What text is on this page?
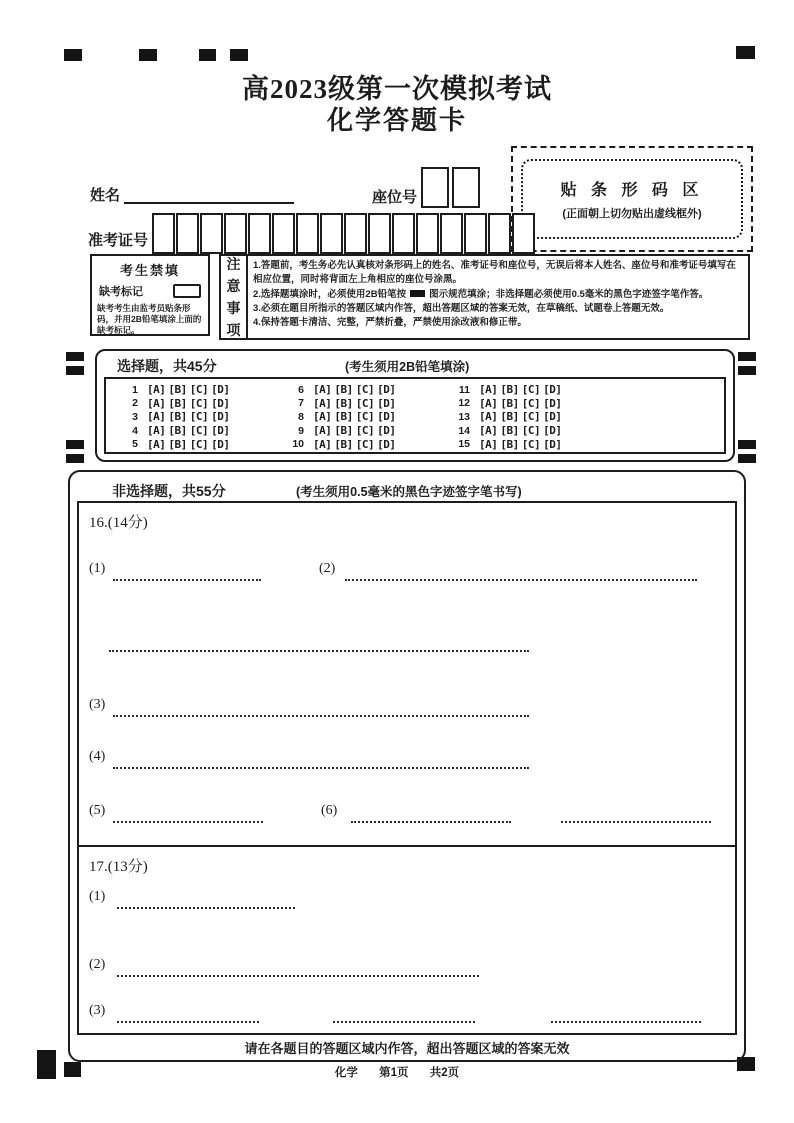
高2023级第一次模拟考试
化学答题卡
贴 条 形 码 区
(正面朝上切勿贴出虚线框外)
姓名	座位号
准考证号
考生禁填
缺考标记
缺考考生由监考员贴条形码，并用2B铅笔填涂上面的缺考标记。
注
意
事
项

1.答题前，考生务必先认真核对条形码上的姓名、准考证号和座位号，无误后将本人姓名、座位号和准考证号填写在相应位置，同时将背面左上角相应的座位号涂黑。

2.选择题填涂时，必须使用2B铅笔按 图示规范填涂；非选择题必须使用0.5毫米的黑色字迹签字笔作答。

3.必须在题目所指示的答题区域内作答，超出答题区域的答案无效，在草稿纸、试题卷上答题无效。

4.保持答题卡清洁、完整，严禁折叠，严禁使用涂改液和修正带。

选择题，共45分	(考生须用2B铅笔填涂)
1 [A] [B] [C] [D]
2 [A] [B] [C] [D]
3 [A] [B] [C] [D]
4 [A] [B] [C] [D]
5 [A] [B] [C] [D]
6 [A] [B] [C] [D]
7 [A] [B] [C] [D]
8 [A] [B] [C] [D]
9 [A] [B] [C] [D]
10 [A] [B] [C] [D]
11 [A] [B] [C] [D]
12 [A] [B] [C] [D]
13 [A] [B] [C] [D]
14 [A] [B] [C] [D]
15 [A] [B] [C] [D]
非选择题，共55分	(考生须用0.5毫米的黑色字迹签字笔书写)
16.(14分)
(1)	(2)
(3)
(4)
(5)	(6)
17.(13分)
(1)
(2)
(3)
请在各题目的答题区域内作答，超出答题区域的答案无效
化学 第1页 共2页
